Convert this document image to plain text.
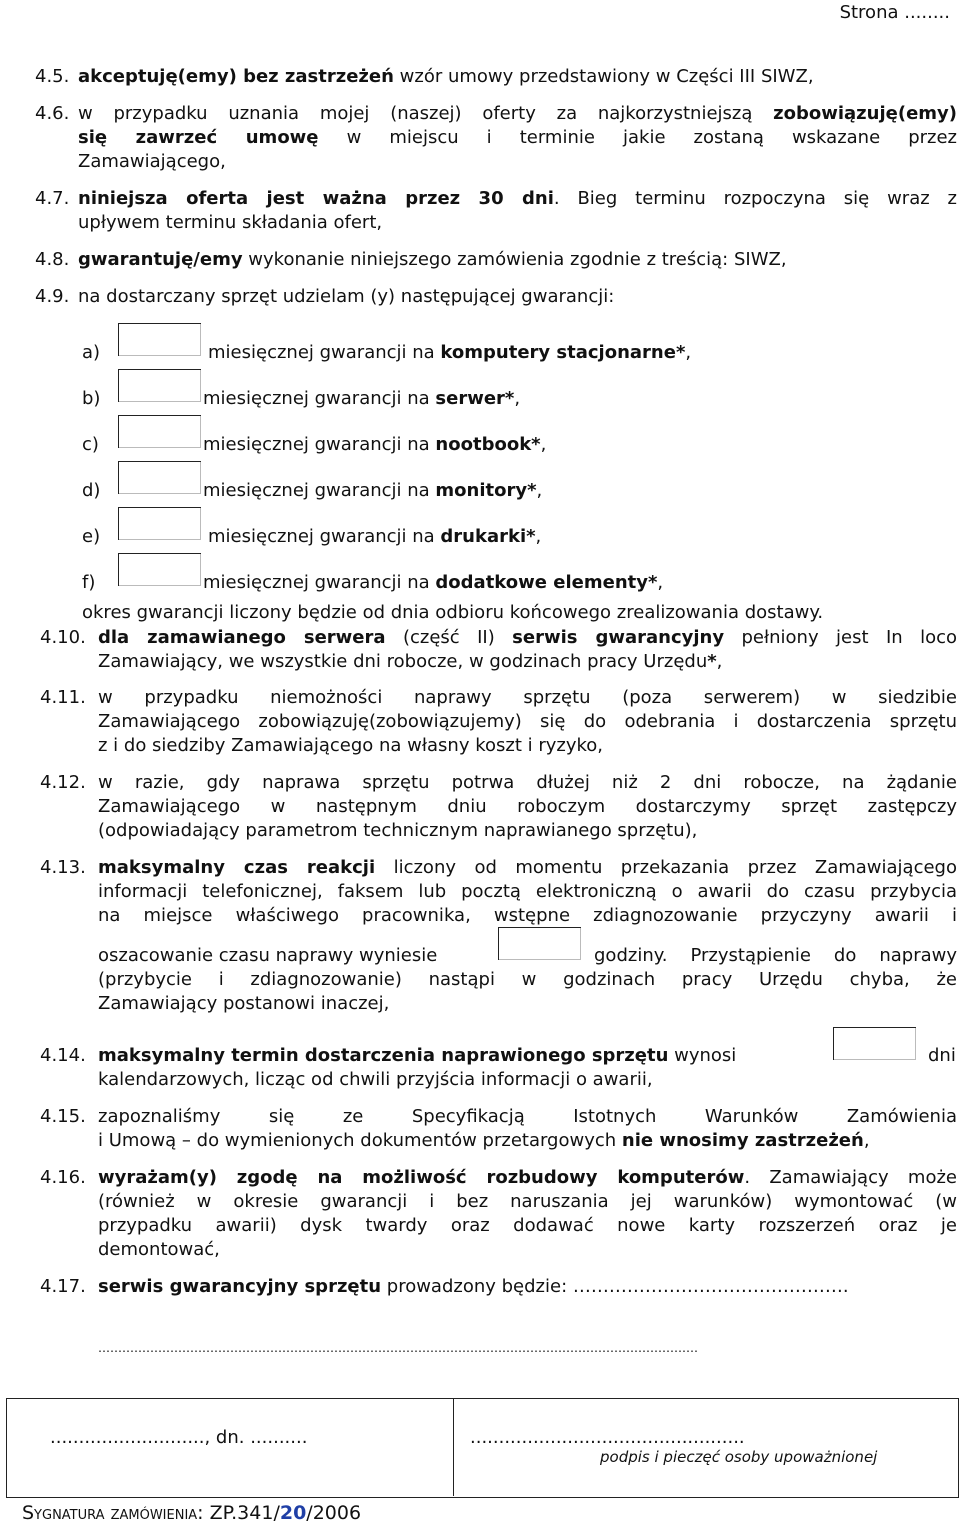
Strona ........
4.5. akceptuję(emy) bez zastrzeżeń wzór umowy przedstawiony w Części III SIWZ,
4.6. w przypadku uznania mojej (naszej) oferty za najkorzystniejszą zobowiązuję(emy)
się zawrzeć umowę w miejscu i terminie jakie zostaną wskazane przez
Zamawiającego,
4.7. niniejsza oferta jest ważna przez 30 dni. Bieg terminu rozpoczyna się wraz z
upływem terminu składania ofert,
4.8. gwarantuję/emy wykonanie niniejszego zamówienia zgodnie z treścią: SIWZ,
4.9. na dostarczany sprzęt udzielam (y) następującej gwarancji:
a)	miesięcznej gwarancji na komputery stacjonarne*,
b)	miesięcznej gwarancji na serwer*,
c)	miesięcznej gwarancji na nootbook*,
d)	miesięcznej gwarancji na monitory*,
e)	miesięcznej gwarancji na drukarki*,
f)	miesięcznej gwarancji na dodatkowe elementy*,
okres gwarancji liczony będzie od dnia odbioru końcowego zrealizowania dostawy.
4.10. dla zamawianego serwera (część II) serwis gwarancyjny pełniony jest In loco
Zamawiający, we wszystkie dni robocze, w godzinach pracy Urzędu*,
4.11. w przypadku niemożności naprawy sprzętu (poza serwerem) w siedzibie
Zamawiającego zobowiązuję(zobowiązujemy) się do odebrania i dostarczenia sprzętu
z i do siedziby Zamawiającego na własny koszt i ryzyko,
4.12. w razie, gdy naprawa sprzętu potrwa dłużej niż 2 dni robocze, na żądanie
Zamawiającego w następnym dniu roboczym dostarczymy sprzęt zastępczy
(odpowiadający parametrom technicznym naprawianego sprzętu),
4.13. maksymalny czas reakcji liczony od momentu przekazania przez Zamawiającego
informacji telefonicznej, faksem lub pocztą elektroniczną o awarii do czasu przybycia
na miejsce właściwego pracownika, wstępne zdiagnozowanie przyczyny awarii i
oszacowanie czasu naprawy wyniesie	godziny. Przystąpienie do naprawy
(przybycie i zdiagnozowanie) nastąpi w godzinach pracy Urzędu chyba, że
Zamawiający postanowi inaczej,
4.14. maksymalny termin dostarczenia naprawionego sprzętu wynosi	dni
kalendarzowych, licząc od chwili przyjścia informacji o awarii,
4.15. zapoznaliśmy się ze Specyfikacją Istotnych Warunków Zamówienia
i Umową – do wymienionych dokumentów przetargowych nie wnosimy zastrzeżeń,
4.16. wyrażam(y) zgodę na możliwość rozbudowy komputerów. Zamawiający może
(również w okresie gwarancji i bez naruszania jej warunków) wymontować (w
przypadku awarii) dysk twardy oraz dodawać nowe karty rozszerzeń oraz je
demontować,
4.17. serwis gwarancyjny sprzętu prowadzony będzie: ……………………………………….
……………………………………………………………………………………………………………………………………
..........................., dn. ..........	................................................
podpis i pieczęć osoby upoważnionej
Sygnatura zamówienia: ZP.341/20/2006
